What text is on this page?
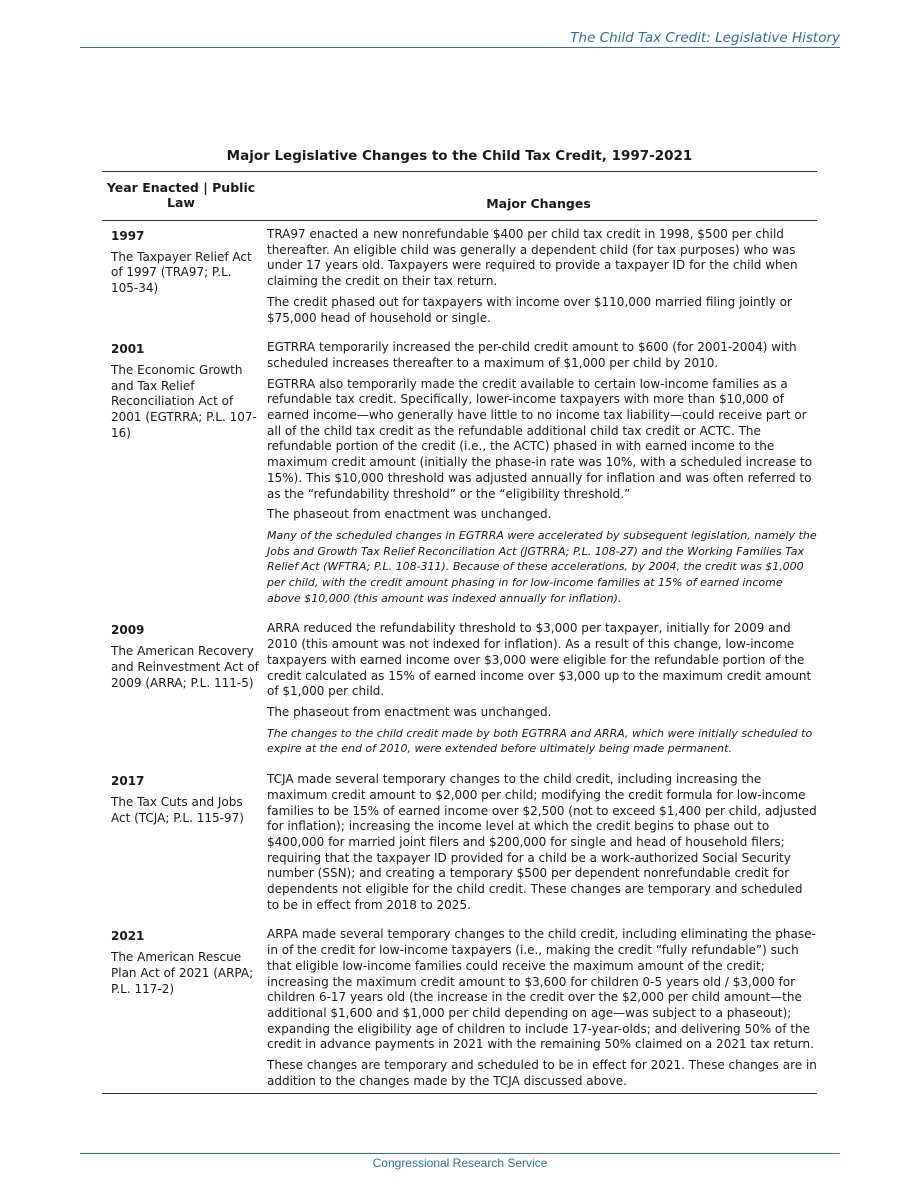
The Child Tax Credit: Legislative History
Major Legislative Changes to the Child Tax Credit, 1997-2021
Year Enacted | Public Law	Major Changes
1997
The Taxpayer Relief Act of 1997 (TRA97; P.L. 105-34)

TRA97 enacted a new nonrefundable $400 per child tax credit in 1998, $500 per child thereafter. An eligible child was generally a dependent child (for tax purposes) who was under 17 years old. Taxpayers were required to provide a taxpayer ID for the child when claiming the credit on their tax return.

The credit phased out for taxpayers with income over $110,000 married filing jointly or $75,000 head of household or single.

2001
The Economic Growth and Tax Relief Reconciliation Act of 2001 (EGTRRA; P.L. 107-16)

EGTRRA temporarily increased the per-child credit amount to $600 (for 2001-2004) with scheduled increases thereafter to a maximum of $1,000 per child by 2010.

EGTRRA also temporarily made the credit available to certain low-income families as a refundable tax credit. Specifically, lower-income taxpayers with more than $10,000 of earned income—who generally have little to no income tax liability—could receive part or all of the child tax credit as the refundable additional child tax credit or ACTC. The refundable portion of the credit (i.e., the ACTC) phased in with earned income to the maximum credit amount (initially the phase-in rate was 10%, with a scheduled increase to 15%). This $10,000 threshold was adjusted annually for inflation and was often referred to as the “refundability threshold” or the “eligibility threshold.”

The phaseout from enactment was unchanged.

Many of the scheduled changes in EGTRRA were accelerated by subsequent legislation, namely the Jobs and Growth Tax Relief Reconciliation Act (JGTRRA; P.L. 108-27) and the Working Families Tax Relief Act (WFTRA; P.L. 108-311). Because of these accelerations, by 2004, the credit was $1,000 per child, with the credit amount phasing in for low-income families at 15% of earned income above $10,000 (this amount was indexed annually for inflation).

2009
The American Recovery and Reinvestment Act of 2009 (ARRA; P.L. 111-5)

ARRA reduced the refundability threshold to $3,000 per taxpayer, initially for 2009 and 2010 (this amount was not indexed for inflation). As a result of this change, low-income taxpayers with earned income over $3,000 were eligible for the refundable portion of the credit calculated as 15% of earned income over $3,000 up to the maximum credit amount of $1,000 per child.

The phaseout from enactment was unchanged.

The changes to the child credit made by both EGTRRA and ARRA, which were initially scheduled to expire at the end of 2010, were extended before ultimately being made permanent.

2017
The Tax Cuts and Jobs Act (TCJA; P.L. 115-97)

TCJA made several temporary changes to the child credit, including increasing the maximum credit amount to $2,000 per child; modifying the credit formula for low-income families to be 15% of earned income over $2,500 (not to exceed $1,400 per child, adjusted for inflation); increasing the income level at which the credit begins to phase out to $400,000 for married joint filers and $200,000 for single and head of household filers; requiring that the taxpayer ID provided for a child be a work-authorized Social Security number (SSN); and creating a temporary $500 per dependent nonrefundable credit for dependents not eligible for the child credit. These changes are temporary and scheduled to be in effect from 2018 to 2025.

2021
The American Rescue Plan Act of 2021 (ARPA; P.L. 117-2)

ARPA made several temporary changes to the child credit, including eliminating the phase-in of the credit for low-income taxpayers (i.e., making the credit “fully refundable”) such that eligible low-income families could receive the maximum amount of the credit; increasing the maximum credit amount to $3,600 for children 0-5 years old / $3,000 for children 6-17 years old (the increase in the credit over the $2,000 per child amount—the additional $1,600 and $1,000 per child depending on age—was subject to a phaseout); expanding the eligibility age of children to include 17-year-olds; and delivering 50% of the credit in advance payments in 2021 with the remaining 50% claimed on a 2021 tax return.

These changes are temporary and scheduled to be in effect for 2021. These changes are in addition to the changes made by the TCJA discussed above.

Congressional Research Service
